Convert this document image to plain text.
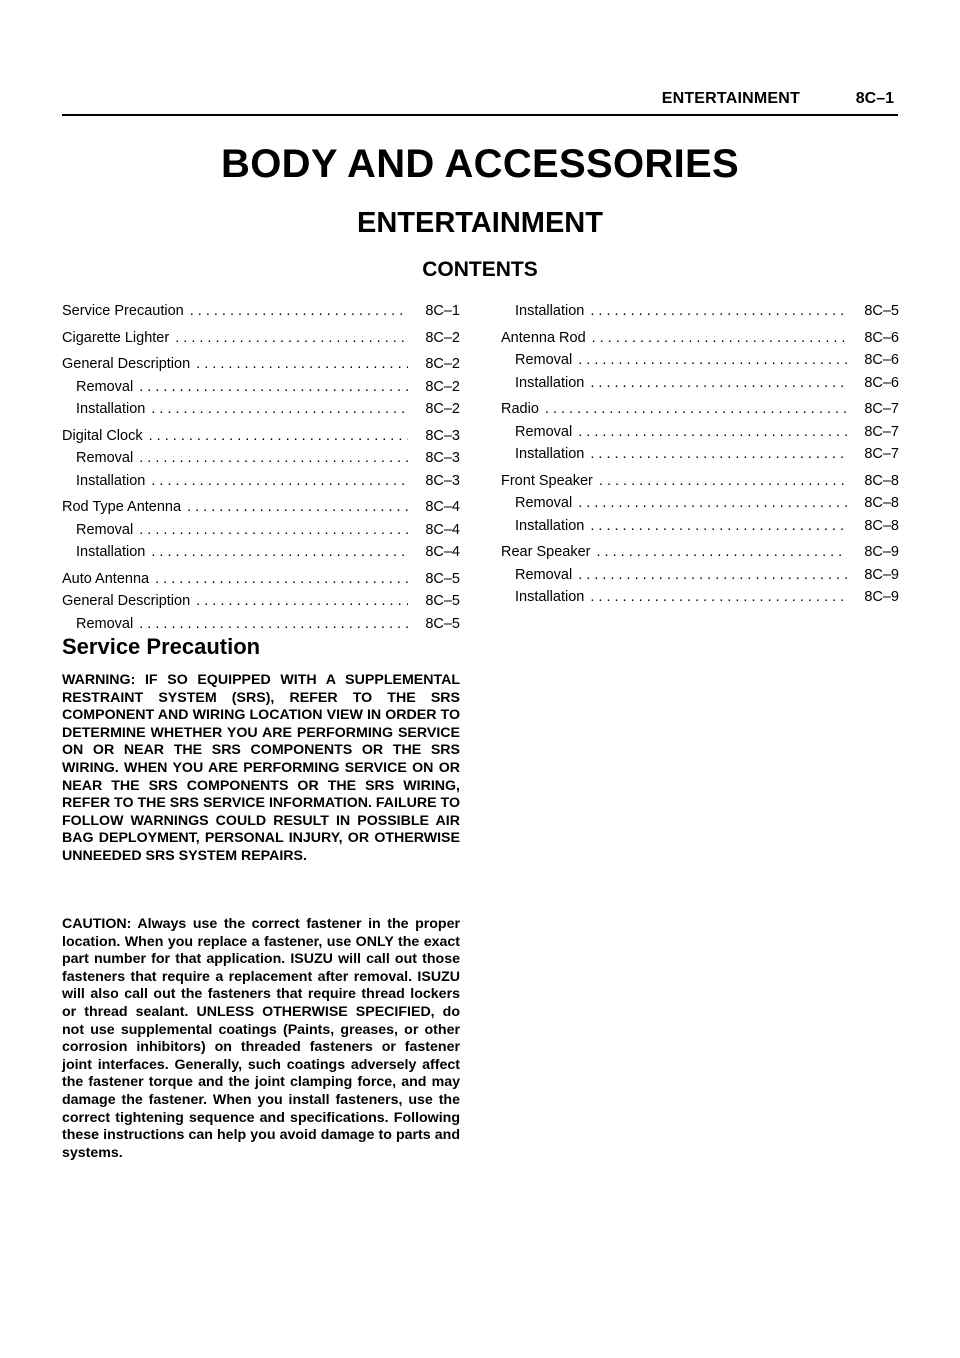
ENTERTAINMENT	8C–1
BODY AND ACCESSORIES
ENTERTAINMENT
CONTENTS
Service Precaution . . .	8C–1
Cigarette Lighter . . .	8C–2
General Description . . .	8C–2
Removal . . .	8C–2
Installation . . .	8C–2
Digital Clock . . .	8C–3
Removal . . .	8C–3
Installation . . .	8C–3
Rod Type Antenna . . .	8C–4
Removal . . .	8C–4
Installation . . .	8C–4
Auto Antenna . . .	8C–5
General Description . . .	8C–5
Removal . . .	8C–5
Installation . . .	8C–5
Antenna Rod . . .	8C–6
Removal . . .	8C–6
Installation . . .	8C–6
Radio . . .	8C–7
Removal . . .	8C–7
Installation . . .	8C–7
Front Speaker . . .	8C–8
Removal . . .	8C–8
Installation . . .	8C–8
Rear Speaker . . .	8C–9
Removal . . .	8C–9
Installation . . .	8C–9
Service Precaution

WARNING: IF SO EQUIPPED WITH A SUPPLEMENTAL RESTRAINT SYSTEM (SRS), REFER TO THE SRS COMPONENT AND WIRING LOCATION VIEW IN ORDER TO DETERMINE WHETHER YOU ARE PERFORMING SERVICE ON OR NEAR THE SRS COMPONENTS OR THE SRS WIRING. WHEN YOU ARE PERFORMING SERVICE ON OR NEAR THE SRS COMPONENTS OR THE SRS WIRING, REFER TO THE SRS SERVICE INFORMATION. FAILURE TO FOLLOW WARNINGS COULD RESULT IN POSSIBLE AIR BAG DEPLOYMENT, PERSONAL INJURY, OR OTHERWISE UNNEEDED SRS SYSTEM REPAIRS.

CAUTION: Always use the correct fastener in the proper location. When you replace a fastener, use ONLY the exact part number for that application. ISUZU will call out those fasteners that require a replacement after removal. ISUZU will also call out the fasteners that require thread lockers or thread sealant. UNLESS OTHERWISE SPECIFIED, do not use supplemental coatings (Paints, greases, or other corrosion inhibitors) on threaded fasteners or fastener joint interfaces. Generally, such coatings adversely affect the fastener torque and the joint clamping force, and may damage the fastener. When you install fasteners, use the correct tightening sequence and specifications. Following these instructions can help you avoid damage to parts and systems.
